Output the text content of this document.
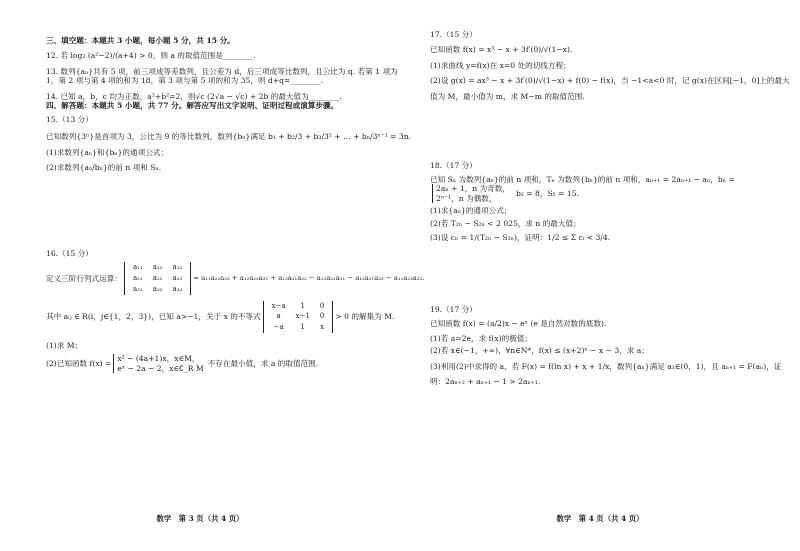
三、填空题：本题共 3 小题，每小题 5 分，共 15 分。

12. 若 log₂ (a²−2)/(a+4) > 0，则 a 的取值范围是________.

13. 数列{aₙ}共有 5 项，前三项成等差数列，且公差为 d，后三项成等比数列，且公比为 q. 若第 1 项为

1，第 2 项与第 4 项的和为 18，第 3 项与第 5 项的和为 35，则 d+q=________.

14. 已知 a，b，c 均为正数，a²+b²=2，则√c (2√a − √c) + 2b 的最大值为________.

四、解答题：本题共 5 小题，共 77 分。解答应写出文字说明、证明过程或演算步骤。

15.（13 分）

已知数列{3ⁿ}是首项为 3，公比为 9 的等比数列，数列{bₙ}满足 b₁ + b₂/3 + b₃/3² + … + bₙ/3ⁿ⁻¹ = 3n.

(1)求数列{aₙ}和{bₙ}的通项公式；

(2)求数列{aₙ/bₙ}的前 n 项和 Sₙ.

16.（15 分）

定义三阶行列式运算：
a₁₁	a₁₂	a₁₃
a₂₁	a₂₂	a₂₃
a₃₁	a₃₂	a₃₃
= a₁₁a₂₂a₃₃ + a₁₂a₂₃a₃₁ + a₁₃a₂₁a₃₂ − a₁₃a₂₂a₃₁ − a₁₂a₂₁a₃₃ − a₁₁a₂₃a₃₂.
其中 aᵢⱼ ∈ R(i，j∈{1，2，3})，已知 a>−1，关于 x 的不等式
x−a	1	0
a	x−1	0
−a	1	x
> 0 的解集为 M.

(1)求 M；

(2)已知函数 f(x) =
x² − (4a+1)x，x∈M，
eˣ − 2a − 2，x∈∁_R M
不存在最小值，求 a 的取值范围.
数学　第 3 页（共 4 页）

17.（15 分）

已知函数 f(x) = x³ − x + 3f′(0)/√(1−x).

(1)求曲线 y=f(x)在 x=0 处的切线方程；

(2)设 g(x) = ax³ − x + 3f′(0)/√(1−x) + f(0) − f(x)，当 −1<a<0 时，记 g(x)在区间[−1，0]上的最大

值为 M，最小值为 m，求 M−m 的取值范围.

18.（17 分）

已知 Sₙ 为数列{aₙ}的前 n 项和，Tₙ 为数列{bₙ}的前 n 项和，aₙ₊₁ = 2aₙ₊₁ − aₙ，bₙ =

2aₙ + 1，n 为奇数，
2ⁿ⁻¹，n 为偶数，
b₂ = 8，S₅ = 15.

(1)求{aₙ}的通项公式；

(2)若 T₂ₙ − S₂ₙ < 2 025，求 n 的最大值；

(3)设 cₙ = 1/(T₂ₙ − S₂ₙ)，证明：1/2 ≤ Σ cᵢ < 3/4.

19.（17 分）

已知函数 f(x) = (a/2)x − eˣ (e 是自然对数的底数).

(1)若 a=2e，求 f(x)的极值；

(2)若 x∈(−1，+∞)，∀n∈N*，f(x) ≤ (x+2)ⁿ − x − 3，求 a；

(3)利用(2)中求得的 a，若 F(x) = f(ln x) + x + 1/x，数列{aₙ}满足 a₁∈(0，1)，且 aₙ₊₁ = F(aₙ)，证

明：2aₙ₊₂ + aₙ₊₁ − 1 > 2aₙ₊₁.

数学　第 4 页（共 4 页）
